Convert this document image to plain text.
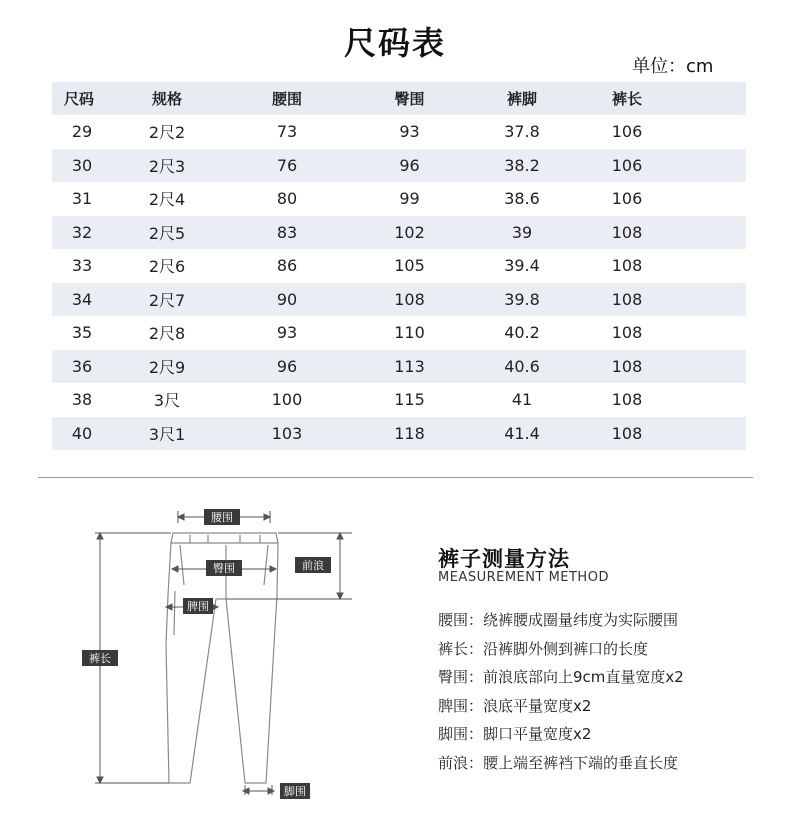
尺码表
单位：cm
尺码	规格	腰围	臀围	裤脚	裤长
29	2尺2	73	93	37.8	106
30	2尺3	76	96	38.2	106
31	2尺4	80	99	38.6	106
32	2尺5	83	102	39	108
33	2尺6	86	105	39.4	108
34	2尺7	90	108	39.8	108
35	2尺8	93	110	40.2	108
36	2尺9	96	113	40.6	108
38	3尺	100	115	41	108
40	3尺1	103	118	41.4	108
腰围
臀围	前浪
脾围
裤长
脚围
裤子测量方法
MEASUREMENT METHOD
腰围：绕裤腰成圈量纬度为实际腰围
裤长：沿裤脚外侧到裤口的长度
臀围：前浪底部向上9cm直量宽度x2
脾围：浪底平量宽度x2
脚围：脚口平量宽度x2
前浪：腰上端至裤裆下端的垂直长度
